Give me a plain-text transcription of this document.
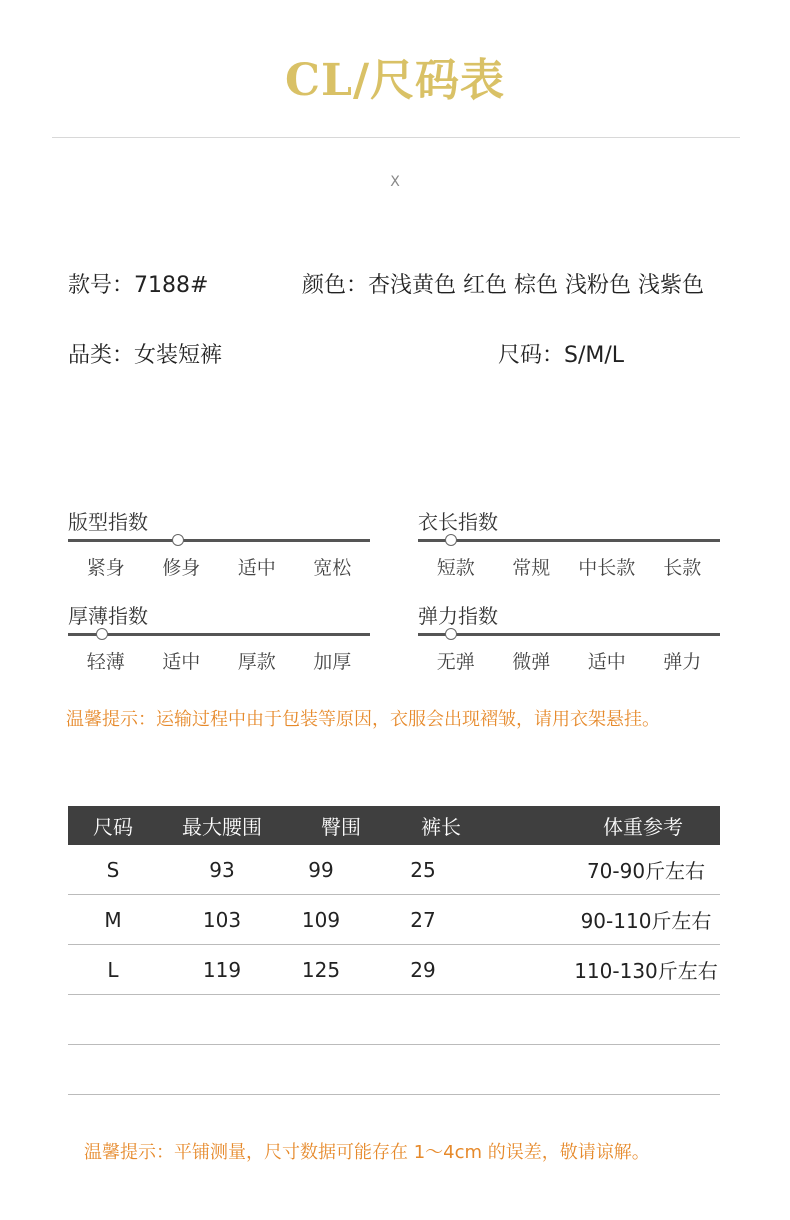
CL/尺码表
X
款号：7188#	颜色：杏浅黄色 红色 棕色 浅粉色 浅紫色
品类：女装短裤	尺码：S/M/L
版型指数
紧身	修身	适中	宽松
衣长指数
短款	常规	中长款	长款
厚薄指数
轻薄	适中	厚款	加厚
弹力指数
无弹	微弹	适中	弹力
温馨提示：运输过程中由于包装等原因，衣服会出现褶皱，请用衣架悬挂。
尺码	最大腰围	臀围	裤长	体重参考
S	93	99	25	70-90斤左右
M	103	109	27	90-110斤左右
L	119	125	29	110-130斤左右
温馨提示：平铺测量，尺寸数据可能存在 1～4cm 的误差，敬请谅解。
